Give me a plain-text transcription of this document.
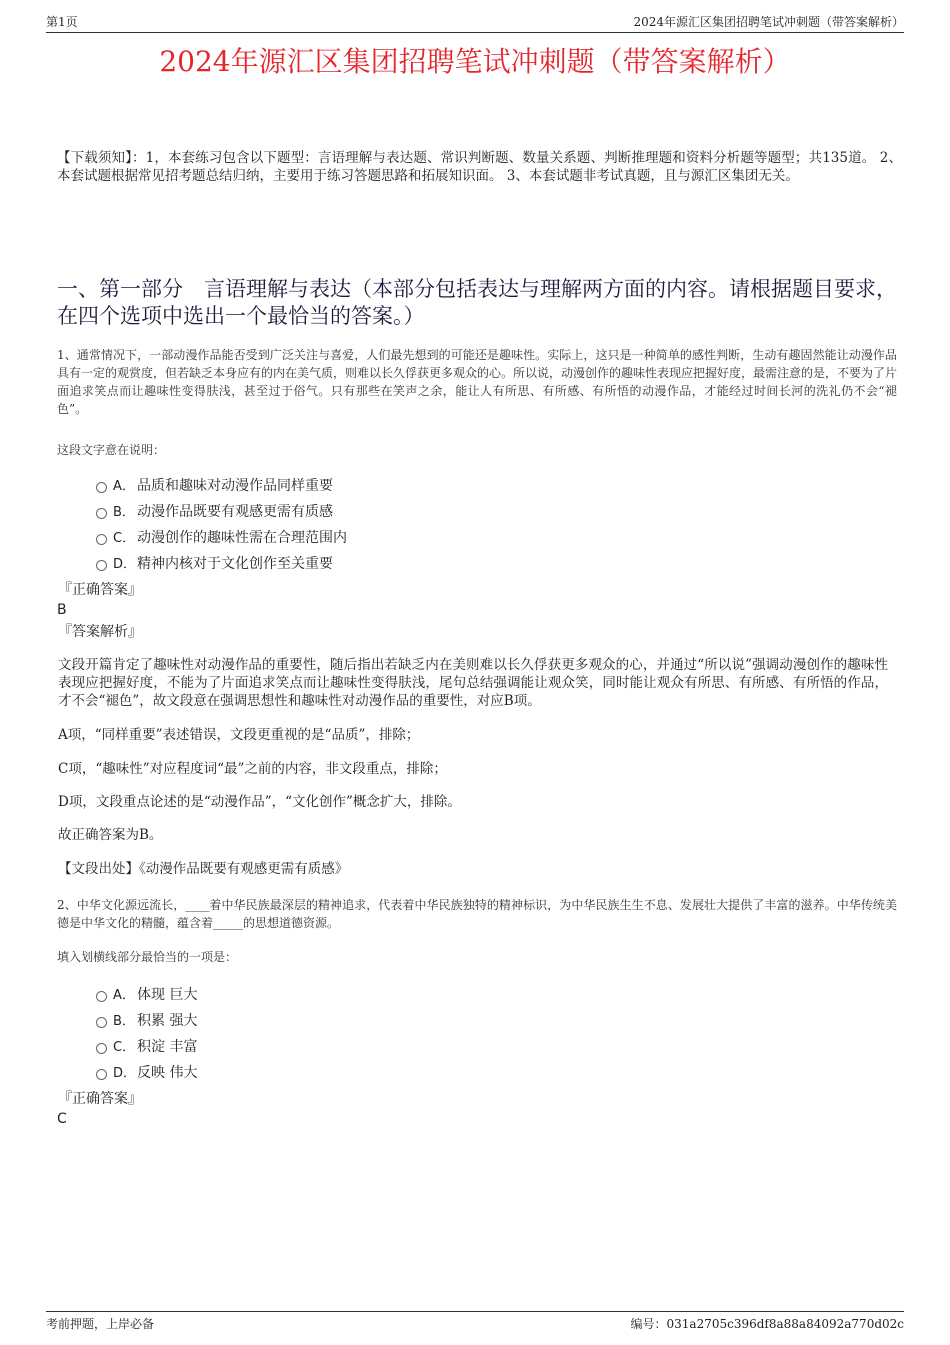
第1页	2024年源汇区集团招聘笔试冲刺题（带答案解析）
2024年源汇区集团招聘笔试冲刺题（带答案解析）
【下载须知】：1，本套练习包含以下题型：言语理解与表达题、常识判断题、数量关系题、判断推理题和资料分析题等题型；共135道。 2、本套试题根据常见招考题总结归纳，主要用于练习答题思路和拓展知识面。 3、本套试题非考试真题，且与源汇区集团无关。
一、第一部分　言语理解与表达（本部分包括表达与理解两方面的内容。请根据题目要求，在四个选项中选出一个最恰当的答案。）
1、通常情况下，一部动漫作品能否受到广泛关注与喜爱，人们最先想到的可能还是趣味性。实际上，这只是一种简单的感性判断，生动有趣固然能让动漫作品具有一定的观赏度，但若缺乏本身应有的内在美气质，则难以长久俘获更多观众的心。所以说，动漫创作的趣味性表现应把握好度，最需注意的是，不要为了片面追求笑点而让趣味性变得肤浅，甚至过于俗气。只有那些在笑声之余，能让人有所思、有所感、有所悟的动漫作品，才能经过时间长河的洗礼仍不会“褪色”。
这段文字意在说明：
A． 品质和趣味对动漫作品同样重要
B． 动漫作品既要有观感更需有质感
C． 动漫创作的趣味性需在合理范围内
D．精神内核对于文化创作至关重要
『正确答案』
B
『答案解析』
文段开篇肯定了趣味性对动漫作品的重要性，随后指出若缺乏内在美则难以长久俘获更多观众的心，并通过“所以说”强调动漫创作的趣味性表现应把握好度，不能为了片面追求笑点而让趣味性变得肤浅，尾句总结强调能让观众笑，同时能让观众有所思、有所感、有所悟的作品，才不会“褪色”，故文段意在强调思想性和趣味性对动漫作品的重要性，对应B项。
A项，“同样重要”表述错误，文段更重视的是“品质”，排除；
C项，“趣味性”对应程度词“最”之前的内容，非文段重点，排除；
D项，文段重点论述的是“动漫作品”，“文化创作”概念扩大，排除。
故正确答案为B。
【文段出处】《动漫作品既要有观感更需有质感》
2、中华文化源远流长，____着中华民族最深层的精神追求，代表着中华民族独特的精神标识，为中华民族生生不息、发展壮大提供了丰富的滋养。中华传统美德是中华文化的精髓，蕴含着_____的思想道德资源。
填入划横线部分最恰当的一项是：
A． 体现 巨大
B． 积累 强大
C． 积淀 丰富
D．反映 伟大
『正确答案』
C
考前押题，上岸必备	编号：031a2705c396df8a88a84092a770d02c
